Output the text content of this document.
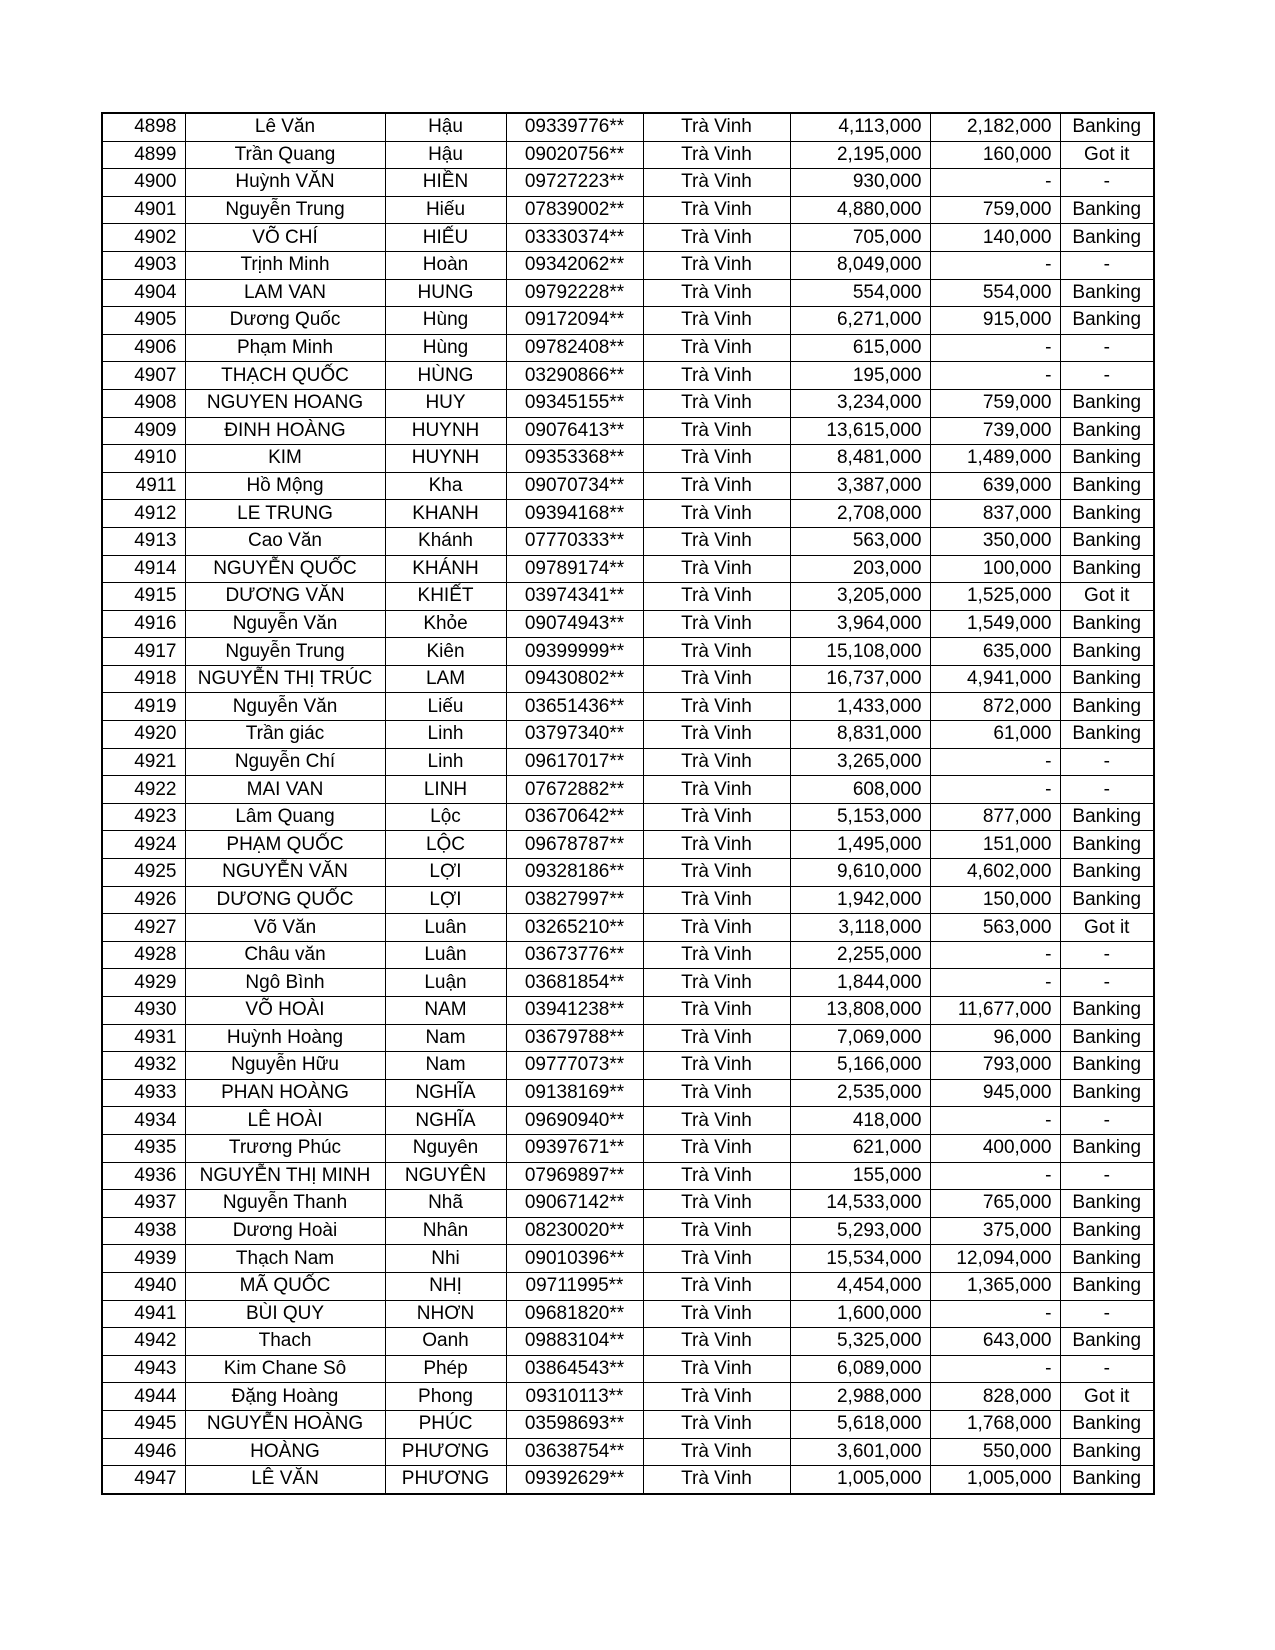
4898	Lê Văn	Hậu	09339776**	Trà Vinh	4,113,000	2,182,000	Banking
4899	Trần Quang	Hậu	09020756**	Trà Vinh	2,195,000	160,000	Got it
4900	Huỳnh VĂN	HIỀN	09727223**	Trà Vinh	930,000	-	-
4901	Nguyễn Trung	Hiếu	07839002**	Trà Vinh	4,880,000	759,000	Banking
4902	VÕ CHÍ	HIẾU	03330374**	Trà Vinh	705,000	140,000	Banking
4903	Trịnh Minh	Hoàn	09342062**	Trà Vinh	8,049,000	-	-
4904	LAM VAN	HUNG	09792228**	Trà Vinh	554,000	554,000	Banking
4905	Dương Quốc	Hùng	09172094**	Trà Vinh	6,271,000	915,000	Banking
4906	Phạm Minh	Hùng	09782408**	Trà Vinh	615,000	-	-
4907	THẠCH QUỐC	HÙNG	03290866**	Trà Vinh	195,000	-	-
4908	NGUYEN HOANG	HUY	09345155**	Trà Vinh	3,234,000	759,000	Banking
4909	ĐINH HOÀNG	HUYNH	09076413**	Trà Vinh	13,615,000	739,000	Banking
4910	KIM	HUYNH	09353368**	Trà Vinh	8,481,000	1,489,000	Banking
4911	Hồ Mộng	Kha	09070734**	Trà Vinh	3,387,000	639,000	Banking
4912	LE TRUNG	KHANH	09394168**	Trà Vinh	2,708,000	837,000	Banking
4913	Cao Văn	Khánh	07770333**	Trà Vinh	563,000	350,000	Banking
4914	NGUYỄN QUỐC	KHÁNH	09789174**	Trà Vinh	203,000	100,000	Banking
4915	DƯƠNG VĂN	KHIẾT	03974341**	Trà Vinh	3,205,000	1,525,000	Got it
4916	Nguyễn Văn	Khỏe	09074943**	Trà Vinh	3,964,000	1,549,000	Banking
4917	Nguyễn Trung	Kiên	09399999**	Trà Vinh	15,108,000	635,000	Banking
4918	NGUYỄN THỊ TRÚC	LAM	09430802**	Trà Vinh	16,737,000	4,941,000	Banking
4919	Nguyễn Văn	Liếu	03651436**	Trà Vinh	1,433,000	872,000	Banking
4920	Trần giác	Linh	03797340**	Trà Vinh	8,831,000	61,000	Banking
4921	Nguyễn Chí	Linh	09617017**	Trà Vinh	3,265,000	-	-
4922	MAI VAN	LINH	07672882**	Trà Vinh	608,000	-	-
4923	Lâm Quang	Lộc	03670642**	Trà Vinh	5,153,000	877,000	Banking
4924	PHẠM QUỐC	LỘC	09678787**	Trà Vinh	1,495,000	151,000	Banking
4925	NGUYỄN VĂN	LỢI	09328186**	Trà Vinh	9,610,000	4,602,000	Banking
4926	DƯƠNG QUỐC	LỢI	03827997**	Trà Vinh	1,942,000	150,000	Banking
4927	Võ Văn	Luân	03265210**	Trà Vinh	3,118,000	563,000	Got it
4928	Châu văn	Luân	03673776**	Trà Vinh	2,255,000	-	-
4929	Ngô Bình	Luận	03681854**	Trà Vinh	1,844,000	-	-
4930	VÕ HOÀI	NAM	03941238**	Trà Vinh	13,808,000	11,677,000	Banking
4931	Huỳnh Hoàng	Nam	03679788**	Trà Vinh	7,069,000	96,000	Banking
4932	Nguyễn Hữu	Nam	09777073**	Trà Vinh	5,166,000	793,000	Banking
4933	PHAN HOÀNG	NGHĨA	09138169**	Trà Vinh	2,535,000	945,000	Banking
4934	LÊ HOÀI	NGHĨA	09690940**	Trà Vinh	418,000	-	-
4935	Trương Phúc	Nguyên	09397671**	Trà Vinh	621,000	400,000	Banking
4936	NGUYỄN THỊ MINH	NGUYÊN	07969897**	Trà Vinh	155,000	-	-
4937	Nguyễn Thanh	Nhã	09067142**	Trà Vinh	14,533,000	765,000	Banking
4938	Dương Hoài	Nhân	08230020**	Trà Vinh	5,293,000	375,000	Banking
4939	Thạch Nam	Nhi	09010396**	Trà Vinh	15,534,000	12,094,000	Banking
4940	MÃ QUỐC	NHỊ	09711995**	Trà Vinh	4,454,000	1,365,000	Banking
4941	BÙI QUY	NHƠN	09681820**	Trà Vinh	1,600,000	-	-
4942	Thach	Oanh	09883104**	Trà Vinh	5,325,000	643,000	Banking
4943	Kim Chane Sô	Phép	03864543**	Trà Vinh	6,089,000	-	-
4944	Đặng Hoàng	Phong	09310113**	Trà Vinh	2,988,000	828,000	Got it
4945	NGUYỄN HOÀNG	PHÚC	03598693**	Trà Vinh	5,618,000	1,768,000	Banking
4946	HOÀNG	PHƯƠNG	03638754**	Trà Vinh	3,601,000	550,000	Banking
4947	LÊ VĂN	PHƯƠNG	09392629**	Trà Vinh	1,005,000	1,005,000	Banking
